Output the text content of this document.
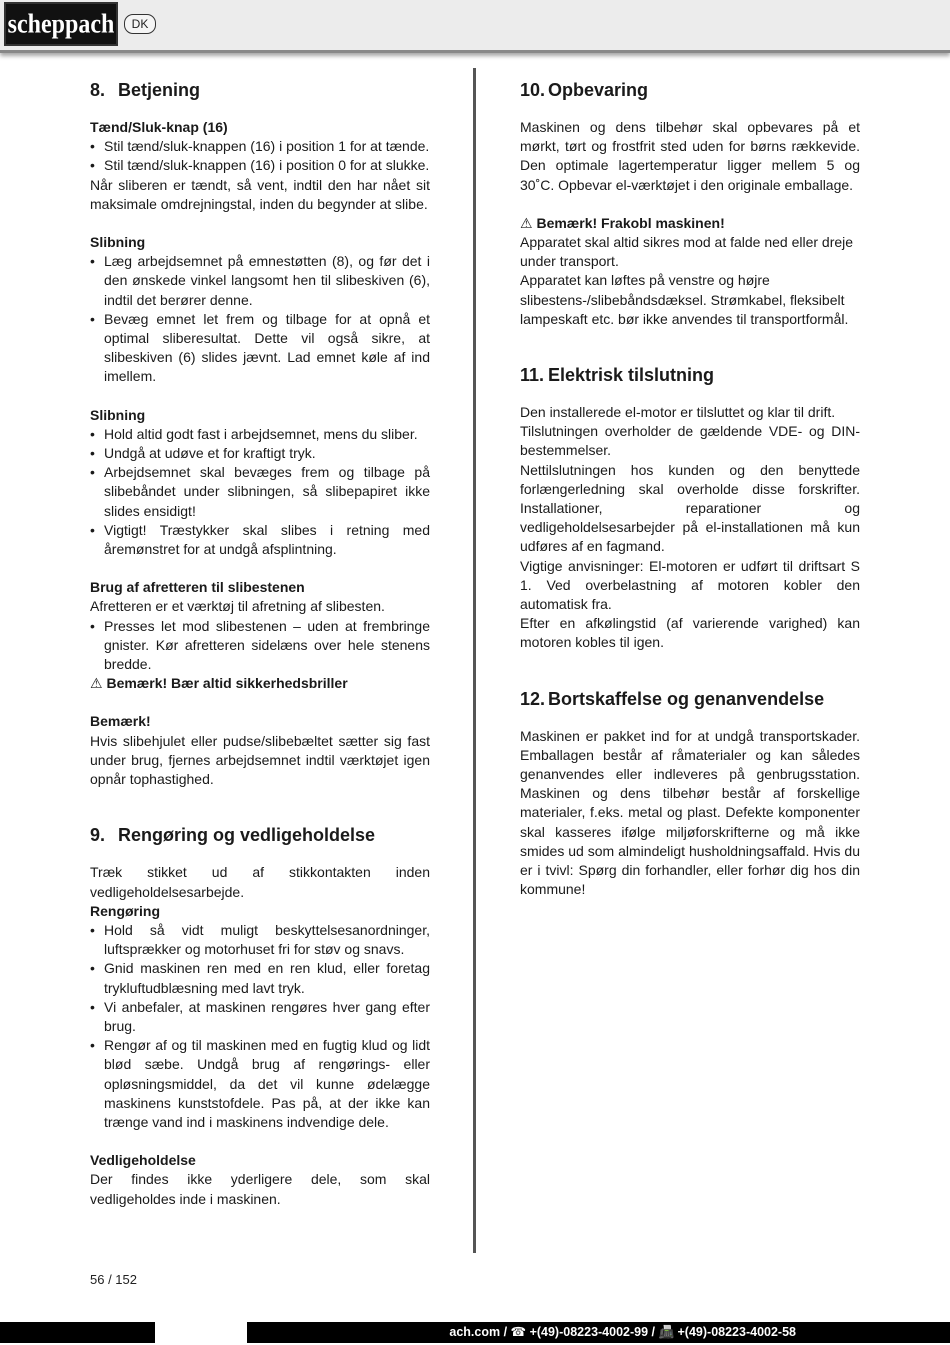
scheppach	DK
8. Betjening

Tænd/Sluk-knap (16)

• Stil tænd/sluk-knappen (16) i position 1 for at tænde.
• Stil tænd/sluk-knappen (16) i position 0 for at slukke.

Når sliberen er tændt, så vent, indtil den har nået sit maksimale omdrejningstal, inden du begynder at slibe.

Slibning

• Læg arbejdsemnet på emnestøtten (8), og før det i den ønskede vinkel langsomt hen til slibeskiven (6), indtil det berører denne.
• Bevæg emnet let frem og tilbage for at opnå et optimal sliberesultat. Dette vil også sikre, at slibeskiven (6) slides jævnt. Lad emnet køle af ind imellem.

Slibning

• Hold altid godt fast i arbejdsemnet, mens du sliber.
• Undgå at udøve et for kraftigt tryk.
• Arbejdsemnet skal bevæges frem og tilbage på slibebåndet under slibningen, så slibepapiret ikke slides ensidigt!
• Vigtigt! Træstykker skal slibes i retning med åremønstret for at undgå afsplintning.

Brug af afretteren til slibestenen

Afretteren er et værktøj til afretning af slibesten.

• Presses let mod slibestenen – uden at frembringe gnister. Kør afretteren sidelæns over hele stenens bredde.

⚠ Bemærk! Bær altid sikkerhedsbriller

Bemærk!

Hvis slibehjulet eller pudse/slibebæltet sætter sig fast under brug, fjernes arbejdsemnet indtil værktøjet igen opnår tophastighed.

9. Rengøring og vedligeholdelse

Træk stikket ud af stikkontakten inden vedligeholdelsesarbejde.

Rengøring

• Hold så vidt muligt beskyttelsesanordninger, luftsprækker og motorhuset fri for støv og snavs.
• Gnid maskinen ren med en ren klud, eller foretag trykluftudblæsning med lavt tryk.
• Vi anbefaler, at maskinen rengøres hver gang efter brug.
• Rengør af og til maskinen med en fugtig klud og lidt blød sæbe. Undgå brug af rengørings- eller opløsningsmiddel, da det vil kunne ødelægge maskinens kunststofdele. Pas på, at der ikke kan trænge vand ind i maskinens indvendige dele.

Vedligeholdelse

Der findes ikke yderligere dele, som skal vedligeholdes inde i maskinen.

10. Opbevaring

Maskinen og dens tilbehør skal opbevares på et mørkt, tørt og frostfrit sted uden for børns rækkevide. Den optimale lagertemperatur ligger mellem 5 og 30˚C. Opbevar el-værktøjet i den originale emballage.

⚠ Bemærk! Frakobl maskinen!

Apparatet skal altid sikres mod at falde ned eller dreje under transport.

Apparatet kan løftes på venstre og højre slibestens-/slibebåndsdæksel. Strømkabel, fleksibelt lampeskaft etc. bør ikke anvendes til transportformål.

11. Elektrisk tilslutning

Den installerede el-motor er tilsluttet og klar til drift.

Tilslutningen overholder de gældende VDE- og DIN-bestemmelser.

Nettilslutningen hos kunden og den benyttede forlængerledning skal overholde disse forskrifter. Installationer, reparationer og vedligeholdelsesarbejder på el-installationen må kun udføres af en fagmand.

Vigtige anvisninger: El-motoren er udført til driftsart S 1. Ved overbelastning af motoren kobler den automatisk fra.

Efter en afkølingstid (af varierende varighed) kan motoren kobles til igen.

12. Bortskaffelse og genanvendelse

Maskinen er pakket ind for at undgå transportskader. Emballagen består af råmaterialer og kan således genanvendes eller indleveres på genbrugsstation. Maskinen og dens tilbehør består af forskellige materialer, f.eks. metal og plast. Defekte komponenter skal kasseres ifølge miljøforskrifterne og må ikke smides ud som almindeligt husholdningsaffald. Hvis du er i tvivl: Spørg din forhandler, eller forhør dig hos din kommune!

56 / 152
ach.com / ☎ +(49)-08223-4002-99 / 📠 +(49)-08223-4002-58
